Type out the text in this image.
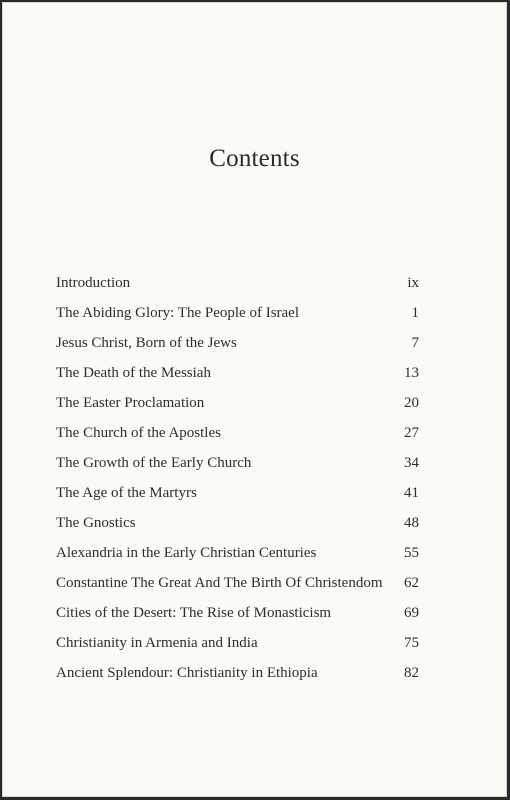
Contents
Introduction	ix
The Abiding Glory: The People of Israel	1
Jesus Christ, Born of the Jews	7
The Death of the Messiah	13
The Easter Proclamation	20
The Church of the Apostles	27
The Growth of the Early Church	34
The Age of the Martyrs	41
The Gnostics	48
Alexandria in the Early Christian Centuries	55
Constantine The Great And The Birth Of Christendom 62
Cities of the Desert: The Rise of Monasticism	69
Christianity in Armenia and India	75
Ancient Splendour: Christianity in Ethiopia	82
